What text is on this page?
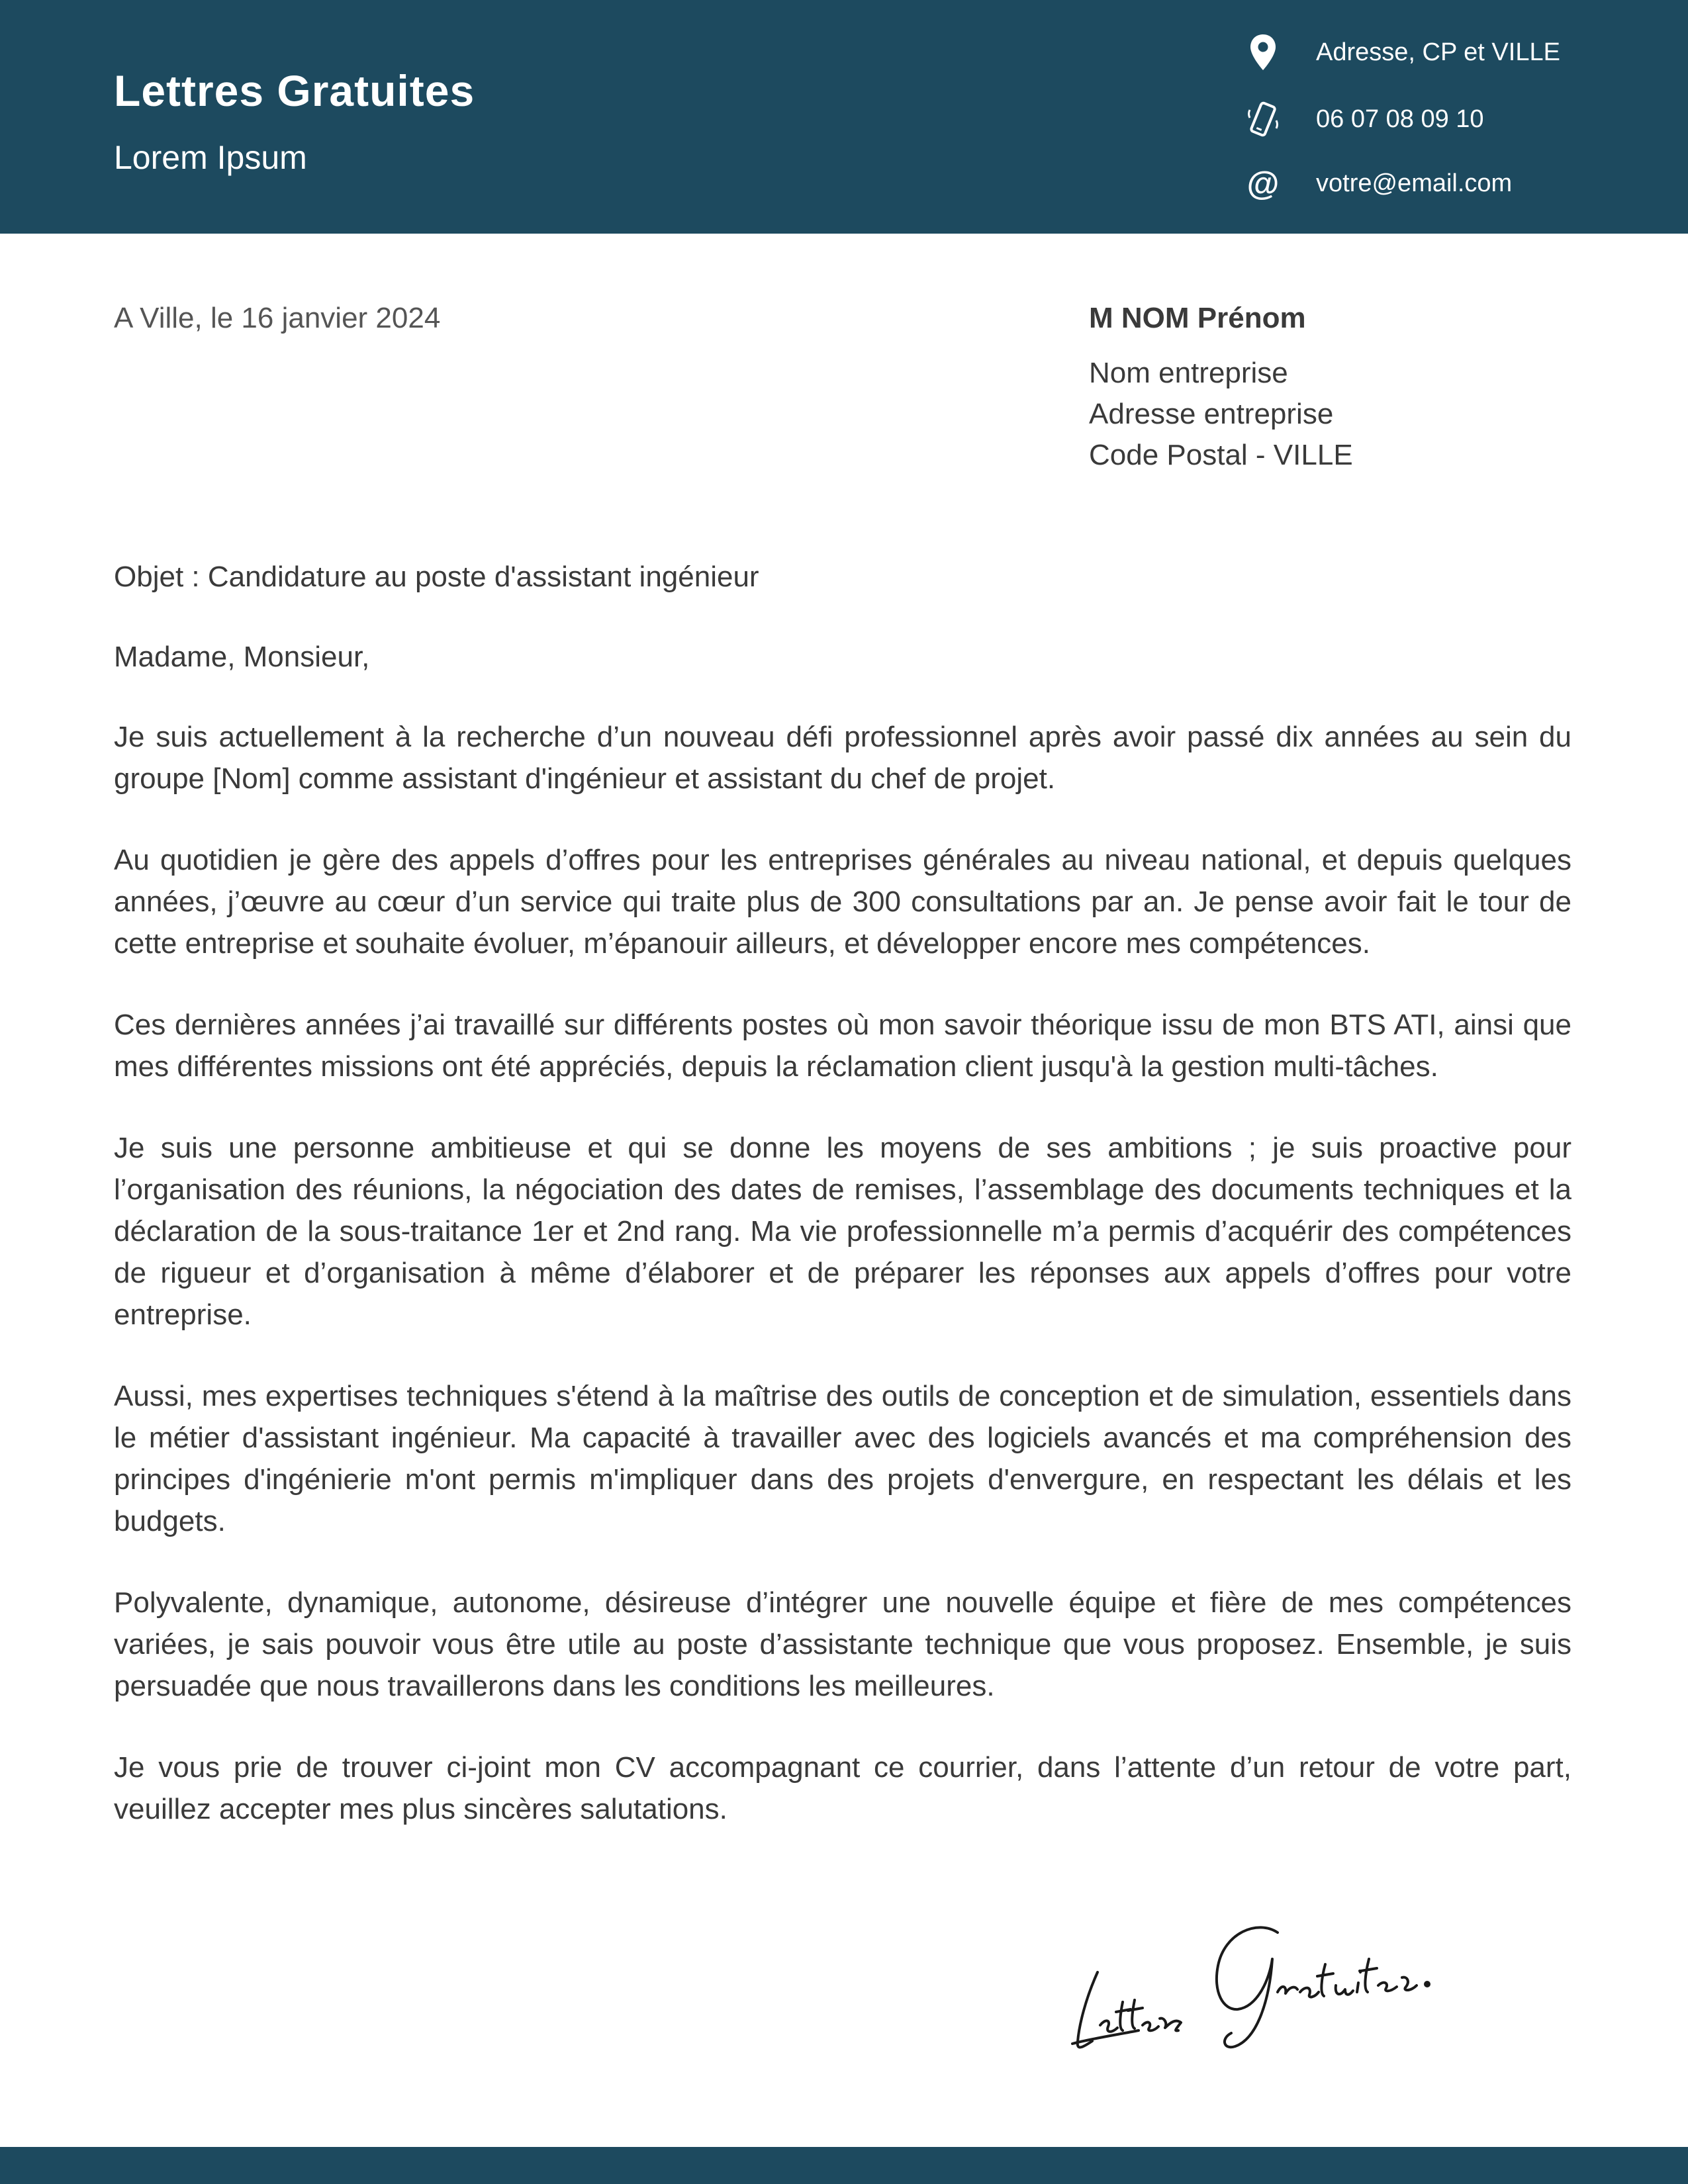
Lettres Gratuites
Lorem Ipsum
Adresse, CP et VILLE
06 07 08 09 10
@ votre@email.com
A Ville, le 16 janvier 2024	M NOM Prénom
Nom entreprise
Adresse entreprise
Code Postal - VILLE

Objet : Candidature au poste d'assistant ingénieur

Madame, Monsieur,

Je suis actuellement à la recherche d’un nouveau défi professionnel après avoir passé dix années au sein du groupe [Nom] comme assistant d'ingénieur et assistant du chef de projet.

Au quotidien je gère des appels d’offres pour les entreprises générales au niveau national, et depuis quelques années, j’œuvre au cœur d’un service qui traite plus de 300 consultations par an. Je pense avoir fait le tour de cette entreprise et souhaite évoluer, m’épanouir ailleurs, et développer encore mes compétences.

Ces dernières années j’ai travaillé sur différents postes où mon savoir théorique issu de mon BTS ATI, ainsi que mes différentes missions ont été appréciés, depuis la réclamation client jusqu'à la gestion multi-tâches.

Je suis une personne ambitieuse et qui se donne les moyens de ses ambitions ; je suis proactive pour l’organisation des réunions, la négociation des dates de remises, l’assemblage des documents techniques et la déclaration de la sous-traitance 1er et 2nd rang. Ma vie professionnelle m’a permis d’acquérir des compétences de rigueur et d’organisation à même d’élaborer et de préparer les réponses aux appels d’offres pour votre entreprise.

Aussi, mes expertises techniques s'étend à la maîtrise des outils de conception et de simulation, essentiels dans le métier d'assistant ingénieur. Ma capacité à travailler avec des logiciels avancés et ma compréhension des principes d'ingénierie m'ont permis m'impliquer dans des projets d'envergure, en respectant les délais et les budgets.

Polyvalente, dynamique, autonome, désireuse d’intégrer une nouvelle équipe et fière de mes compétences variées, je sais pouvoir vous être utile au poste d’assistante technique que vous proposez. Ensemble, je suis persuadée que nous travaillerons dans les conditions les meilleures.

Je vous prie de trouver ci-joint mon CV accompagnant ce courrier, dans l’attente d’un retour de votre part, veuillez accepter mes plus sincères salutations.
